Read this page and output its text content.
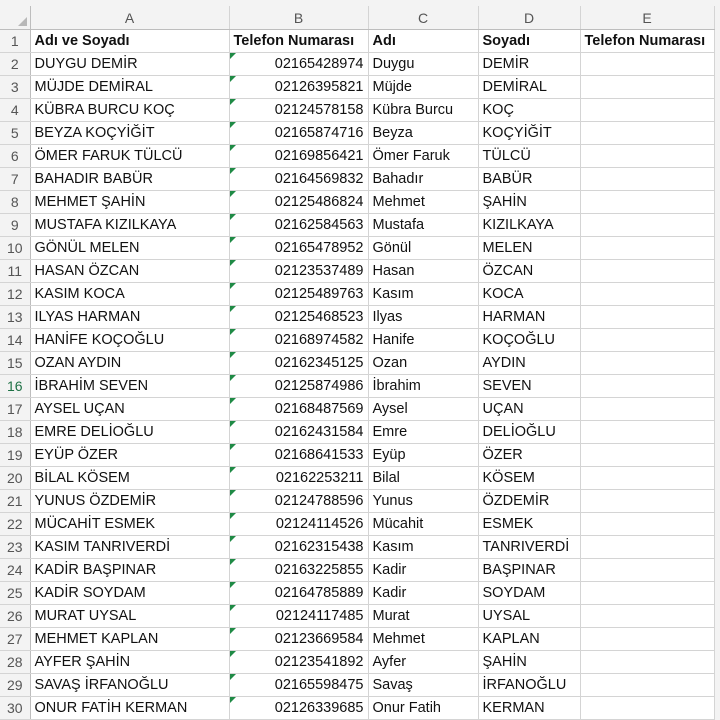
	A	B	C	D	E
1	Adı ve Soyadı	Telefon Numarası	Adı	Soyadı	Telefon Numarası
2	DUYGU DEMİR	02165428974	Duygu	DEMİR	
3	MÜJDE DEMİRAL	02126395821	Müjde	DEMİRAL	
4	KÜBRA BURCU KOÇ	02124578158	Kübra Burcu	KOÇ	
5	BEYZA KOÇYİĞİT	02165874716	Beyza	KOÇYİĞİT	
6	ÖMER FARUK TÜLCÜ	02169856421	Ömer Faruk	TÜLCÜ	
7	BAHADIR BABÜR	02164569832	Bahadır	BABÜR	
8	MEHMET ŞAHİN	02125486824	Mehmet	ŞAHİN	
9	MUSTAFA KIZILKAYA	02162584563	Mustafa	KIZILKAYA	
10	GÖNÜL MELEN	02165478952	Gönül	MELEN	
11	HASAN ÖZCAN	02123537489	Hasan	ÖZCAN	
12	KASIM KOCA	02125489763	Kasım	KOCA	
13	ILYAS HARMAN	02125468523	Ilyas	HARMAN	
14	HANİFE KOÇOĞLU	02168974582	Hanife	KOÇOĞLU	
15	OZAN AYDIN	02162345125	Ozan	AYDIN	
16	İBRAHİM SEVEN	02125874986	İbrahim	SEVEN	
17	AYSEL UÇAN	02168487569	Aysel	UÇAN	
18	EMRE DELİOĞLU	02162431584	Emre	DELİOĞLU	
19	EYÜP ÖZER	02168641533	Eyüp	ÖZER	
20	BİLAL KÖSEM	02162253211	Bilal	KÖSEM	
21	YUNUS ÖZDEMİR	02124788596	Yunus	ÖZDEMİR	
22	MÜCAHİT ESMEK	02124114526	Mücahit	ESMEK	
23	KASIM TANRIVERDİ	02162315438	Kasım	TANRIVERDİ	
24	KADİR BAŞPINAR	02163225855	Kadir	BAŞPINAR	
25	KADİR SOYDAM	02164785889	Kadir	SOYDAM	
26	MURAT UYSAL	02124117485	Murat	UYSAL	
27	MEHMET KAPLAN	02123669584	Mehmet	KAPLAN	
28	AYFER ŞAHİN	02123541892	Ayfer	ŞAHİN	
29	SAVAŞ İRFANOĞLU	02165598475	Savaş	İRFANOĞLU	
30	ONUR FATİH KERMAN	02126339685	Onur Fatih	KERMAN	
